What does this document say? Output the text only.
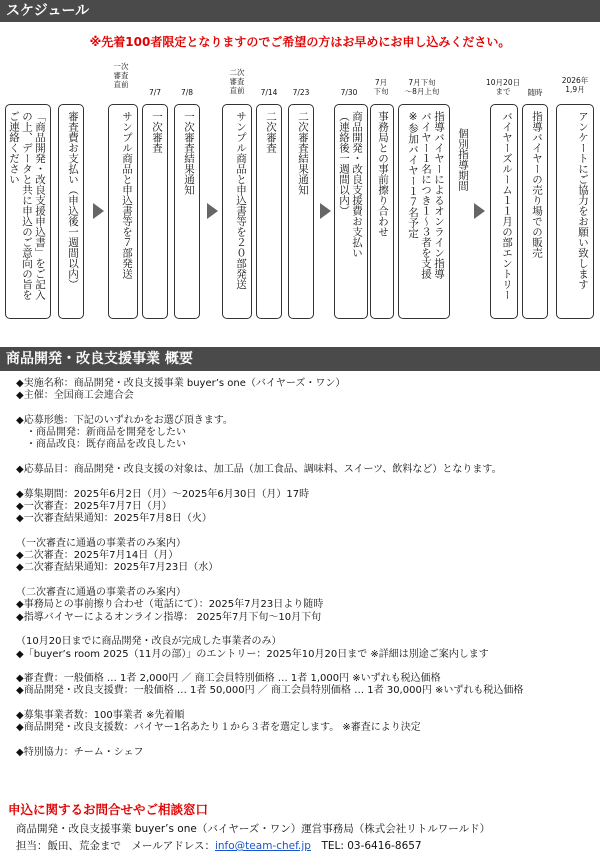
スケジュール
※先着100者限定となりますのでご希望の方はお早めにお申し込みください。
「商品開発・改良支援申込書」をご記入
の上、データと共に申込のご意向の旨を
ご連絡ください	審査費お支払い（申込後一週間以内）
一次
審査
直前
サンプル商品と申込書等を７部発送
7/7
一次審査
7/8
一次審査結果通知
二次
審査
直前
サンプル商品と申込書等を２０部発送
7/14
二次審査
7/23
二次審査結果通知
7/30
商品開発・改良支援費お支払い
（連絡後一週間以内）
7月
下旬
事務局との事前擦り合わせ
7月下旬
〜8月上旬
指導バイヤーによるオンライン指導
バイヤー１名につき１〜３者を支援
※参加バイヤー１７名予定	個別指導期間
10月20日
まで
バイヤーズルーム１１月の部エントリー
随時
指導バイヤーの売り場での販売
2026年
1,9月
アンケートにご協力をお願い致します
商品開発・改良支援事業 概要
◆実施名称：商品開発・改良支援事業 buyer’s one（バイヤーズ・ワン）
◆主催：全国商工会連合会
◆応募形態：下記のいずれかをお選び頂きます。
　・商品開発：新商品を開発をしたい
　・商品改良：既存商品を改良したい
◆応募品目：商品開発・改良支援の対象は、加工品（加工食品、調味料、スイーツ、飲料など）となります。
◆募集期間：2025年6月2日（月）～2025年6月30日（月）17時
◆一次審査：2025年7月7日（月）
◆一次審査結果通知：2025年7月8日（火）
（一次審査に通過の事業者のみ案内）
◆二次審査：2025年7月14日（月）
◆二次審査結果通知：2025年7月23日（水）
（二次審査に通過の事業者のみ案内）
◆事務局との事前擦り合わせ（電話にて）：2025年7月23日より随時
◆指導バイヤーによるオンライン指導： 2025年7月下旬～10月下旬
（10月20日までに商品開発・改良が完成した事業者のみ）
◆「buyer’s room 2025（11月の部）」のエントリー：2025年10月20日まで ※詳細は別途ご案内します
◆審査費：一般価格 … 1者 2,000円 ／ 商工会員特別価格 … 1者 1,000円 ※いずれも税込価格
◆商品開発・改良支援費：一般価格 … 1者 50,000円 ／ 商工会員特別価格 … 1者 30,000円 ※いずれも税込価格
◆募集事業者数：100事業者 ※先着順
◆商品開発・改良支援数：バイヤー1名あたり１から３者を選定します。 ※審査により決定
◆特別協力：チーム・シェフ
申込に関するお問合せやご相談窓口
商品開発・改良支援事業 buyer’s one（バイヤーズ・ワン）運営事務局（株式会社リトルワールド）
担当：飯田、荒金まで　メールアドレス：info@team-chef.jp　TEL: 03-6416-8657
